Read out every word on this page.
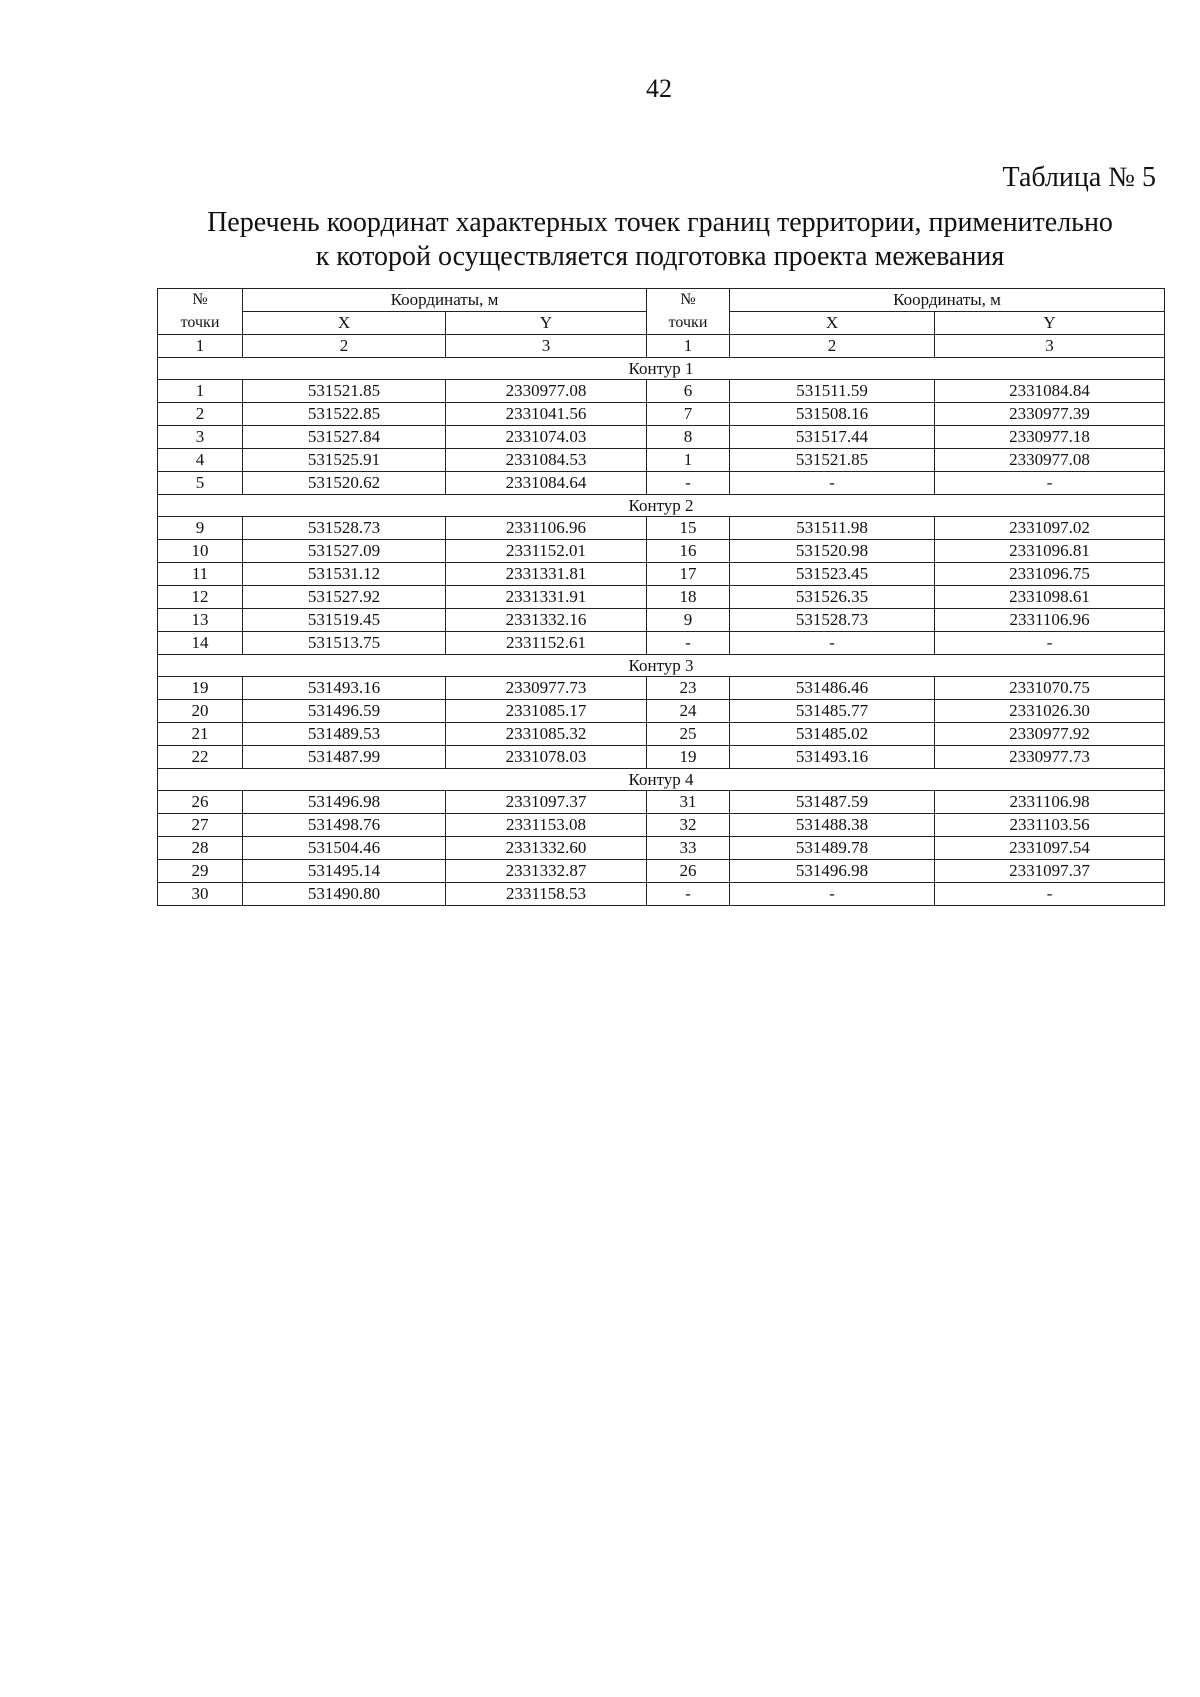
42
Таблица № 5
Перечень координат характерных точек границ территории, применительно
к которой осуществляется подготовка проекта межевания
№	Координаты, м		№	Координаты, м	
точки	X	Y	точки	X	Y
1	2	3	1	2	3
Контур 1					
1	531521.85	2330977.08	6	531511.59	2331084.84
2	531522.85	2331041.56	7	531508.16	2330977.39
3	531527.84	2331074.03	8	531517.44	2330977.18
4	531525.91	2331084.53	1	531521.85	2330977.08
5	531520.62	2331084.64	-	-	-
Контур 2					
9	531528.73	2331106.96	15	531511.98	2331097.02
10	531527.09	2331152.01	16	531520.98	2331096.81
11	531531.12	2331331.81	17	531523.45	2331096.75
12	531527.92	2331331.91	18	531526.35	2331098.61
13	531519.45	2331332.16	9	531528.73	2331106.96
14	531513.75	2331152.61	-	-	-
Контур 3					
19	531493.16	2330977.73	23	531486.46	2331070.75
20	531496.59	2331085.17	24	531485.77	2331026.30
21	531489.53	2331085.32	25	531485.02	2330977.92
22	531487.99	2331078.03	19	531493.16	2330977.73
Контур 4					
26	531496.98	2331097.37	31	531487.59	2331106.98
27	531498.76	2331153.08	32	531488.38	2331103.56
28	531504.46	2331332.60	33	531489.78	2331097.54
29	531495.14	2331332.87	26	531496.98	2331097.37
30	531490.80	2331158.53	-	-	-
